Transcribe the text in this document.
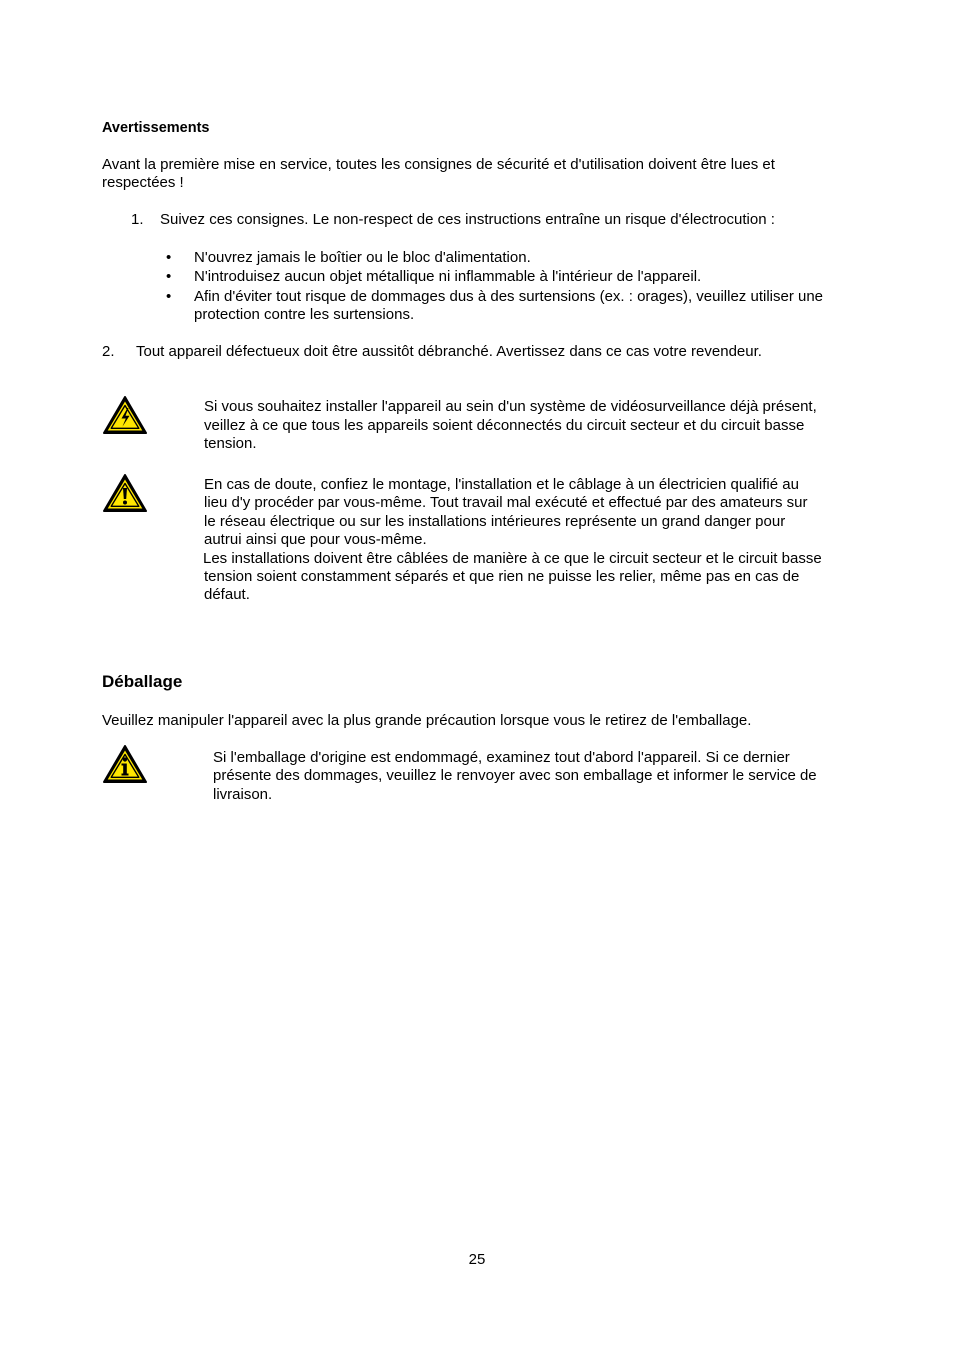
Avertissements
Avant la première mise en service, toutes les consignes de sécurité et d'utilisation doivent être lues et
respectées !
1. Suivez ces consignes. Le non-respect de ces instructions entraîne un risque d'électrocution :
• N'ouvrez jamais le boîtier ou le bloc d'alimentation.
• N'introduisez aucun objet métallique ni inflammable à l'intérieur de l'appareil.
• Afin d'éviter tout risque de dommages dus à des surtensions (ex. : orages), veuillez utiliser une
protection contre les surtensions.
2. Tout appareil défectueux doit être aussitôt débranché. Avertissez dans ce cas votre revendeur.
Si vous souhaitez installer l'appareil au sein d'un système de vidéosurveillance déjà présent,
veillez à ce que tous les appareils soient déconnectés du circuit secteur et du circuit basse
tension.
En cas de doute, confiez le montage, l'installation et le câblage à un électricien qualifié au
lieu d'y procéder par vous-même. Tout travail mal exécuté et effectué par des amateurs sur
le réseau électrique ou sur les installations intérieures représente un grand danger pour
autrui ainsi que pour vous-même.
Les installations doivent être câblées de manière à ce que le circuit secteur et le circuit basse
tension soient constamment séparés et que rien ne puisse les relier, même pas en cas de
défaut.
Déballage
Veuillez manipuler l'appareil avec la plus grande précaution lorsque vous le retirez de l'emballage.
Si l'emballage d'origine est endommagé, examinez tout d'abord l'appareil. Si ce dernier
présente des dommages, veuillez le renvoyer avec son emballage et informer le service de
livraison.
25
